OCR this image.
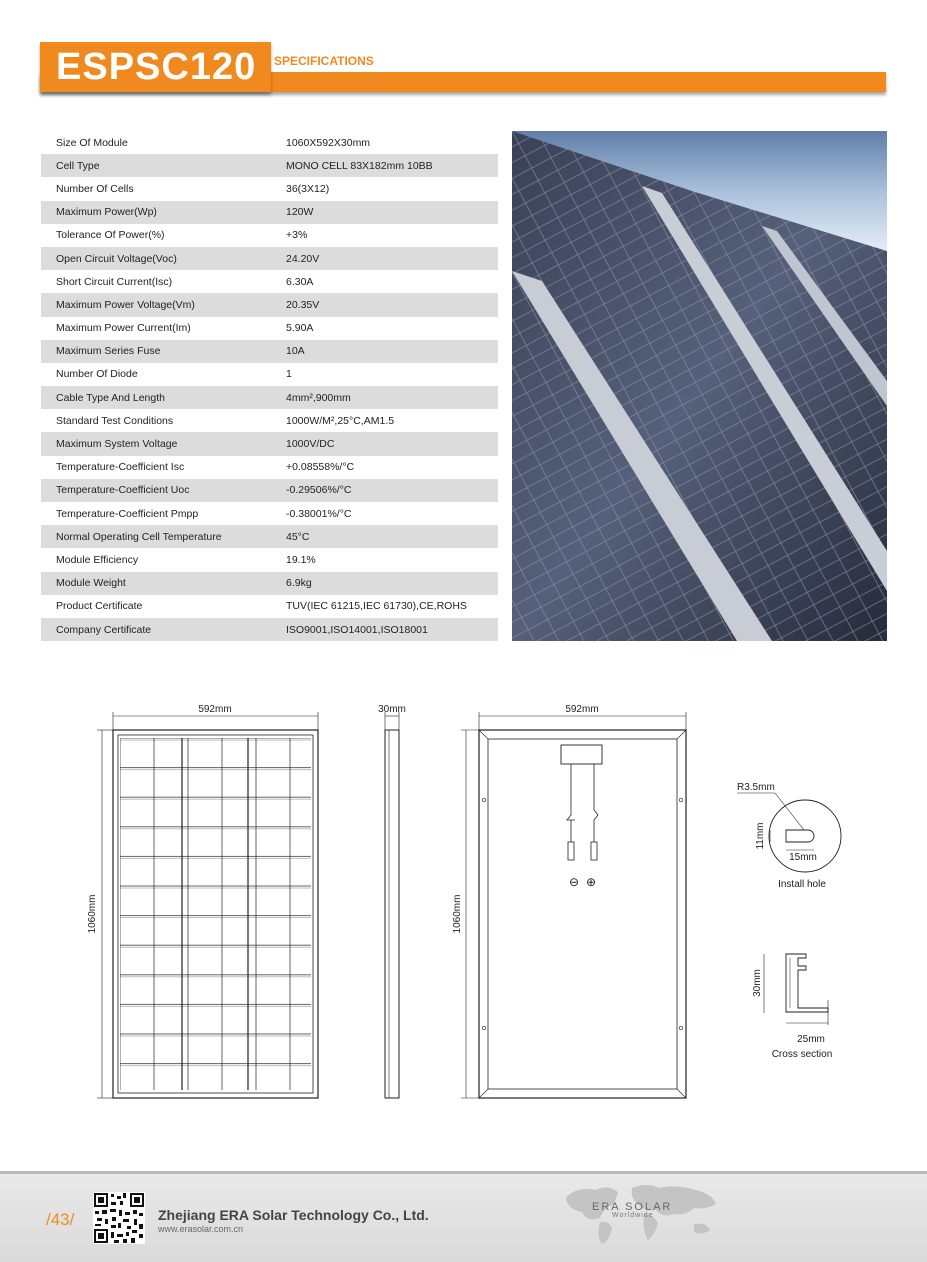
ESPSC120 SPECIFICATIONS
Size Of Module	1060X592X30mm
Cell Type	MONO CELL 83X182mm 10BB
Number Of Cells	36(3X12)
Maximum Power(Wp)	120W
Tolerance Of Power(%)	+3%
Open Circuit Voltage(Voc)	24.20V
Short Circuit Current(Isc)	6.30A
Maximum Power Voltage(Vm)	20.35V
Maximum Power Current(Im)	5.90A
Maximum Series Fuse	10A
Number Of Diode	1
Cable Type And Length	4mm²,900mm
Standard Test Conditions	1000W/M²,25°C,AM1.5
Maximum System Voltage	1000V/DC
Temperature-Coefficient Isc	+0.08558%/°C
Temperature-Coefficient Uoc	-0.29506%/°C
Temperature-Coefficient Pmpp	-0.38001%/°C
Normal Operating Cell Temperature	45°C
Module Efficiency	19.1%
Module Weight	6.9kg
Product Certificate	TUV(IEC 61215,IEC 61730),CE,ROHS
Company Certificate	ISO9001,ISO14001,ISO18001
592mm
1060mm
30mm	592mm
1060mm
⊖ ⊕
R3.5mm
11mm
15mm
Install hole
30mm
25mm
Cross section
/43/	Zhejiang ERA Solar Technology Co., Ltd.
www.erasolar.com.cn
ERA SOLAR
Worldwide
